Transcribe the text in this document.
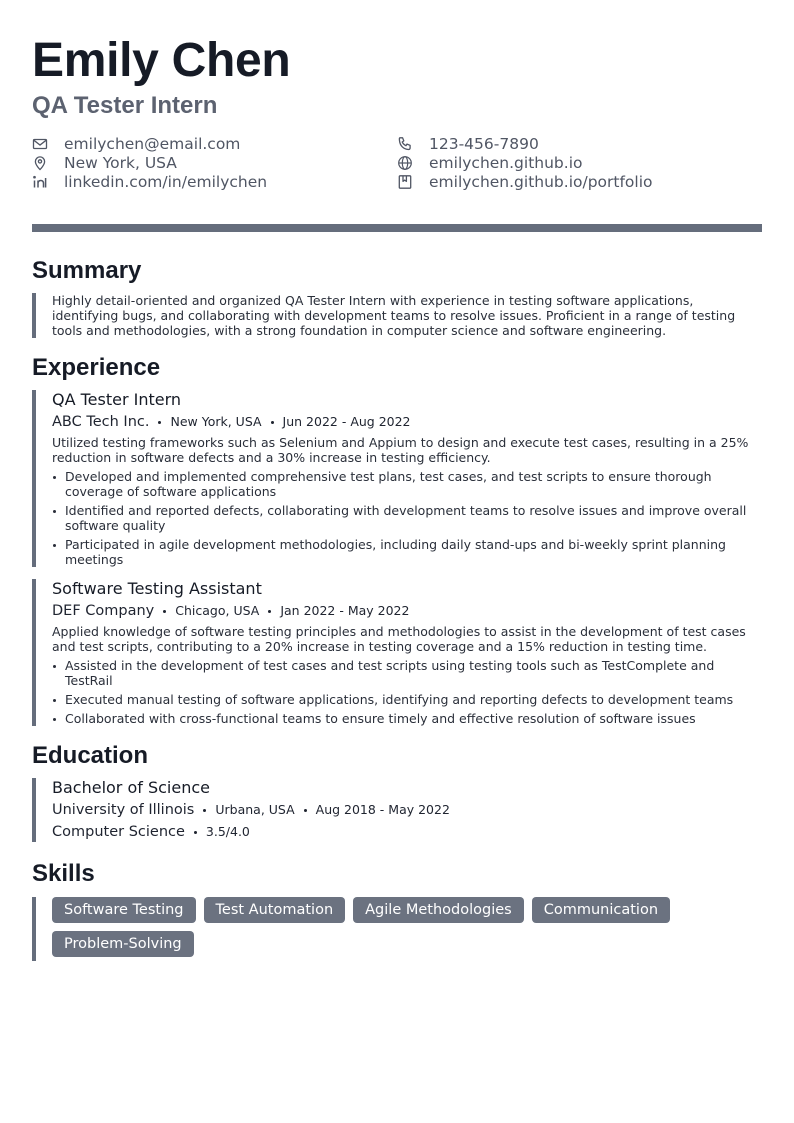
Emily Chen
QA Tester Intern
emilychen@email.com	123-456-7890
New York, USA	emilychen.github.io
linkedin.com/in/emilychen	emilychen.github.io/portfolio
Summary
Highly detail-oriented and organized QA Tester Intern with experience in testing software applications, identifying bugs, and collaborating with development teams to resolve issues. Proficient in a range of testing tools and methodologies, with a strong foundation in computer science and software engineering.
Experience
QA Tester Intern
ABC Tech Inc. New York, USA Jun 2022 - Aug 2022
Utilized testing frameworks such as Selenium and Appium to design and execute test cases, resulting in a 25% reduction in software defects and a 30% increase in testing efficiency.
Developed and implemented comprehensive test plans, test cases, and test scripts to ensure thorough coverage of software applications
Identified and reported defects, collaborating with development teams to resolve issues and improve overall software quality
Participated in agile development methodologies, including daily stand-ups and bi-weekly sprint planning meetings
Software Testing Assistant
DEF Company Chicago, USA Jan 2022 - May 2022
Applied knowledge of software testing principles and methodologies to assist in the development of test cases and test scripts, contributing to a 20% increase in testing coverage and a 15% reduction in testing time.
Assisted in the development of test cases and test scripts using testing tools such as TestComplete and TestRail
Executed manual testing of software applications, identifying and reporting defects to development teams
Collaborated with cross-functional teams to ensure timely and effective resolution of software issues
Education
Bachelor of Science
University of Illinois Urbana, USA Aug 2018 - May 2022
Computer Science 3.5/4.0
Skills
Software Testing	Test Automation	Agile Methodologies	Communication
Problem-Solving
